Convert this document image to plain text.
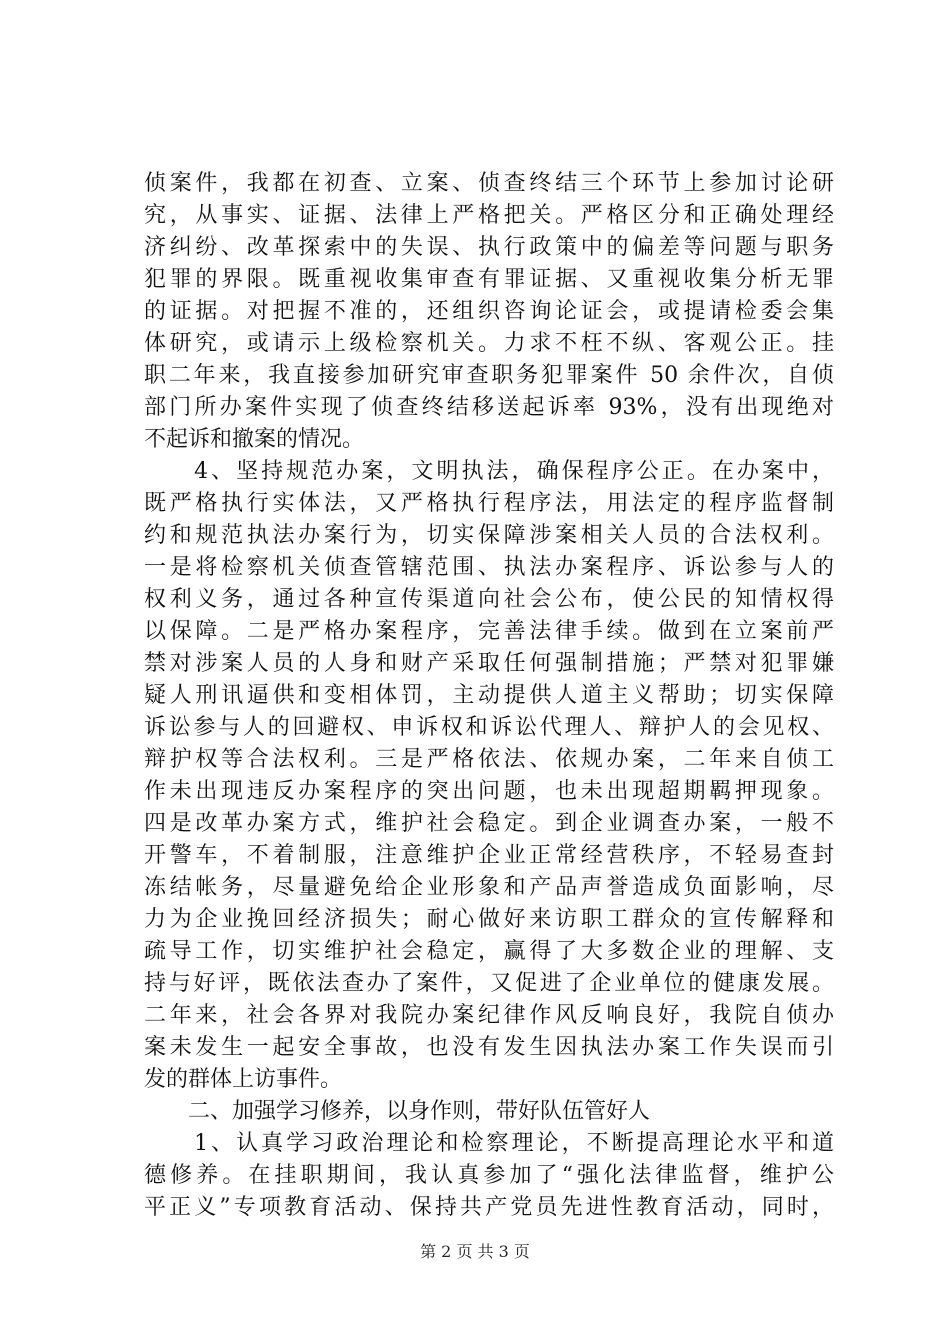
侦案件，我都在初查、立案、侦查终结三个环节上参加讨论研
究，从事实、证据、法律上严格把关。严格区分和正确处理经
济纠纷、改革探索中的失误、执行政策中的偏差等问题与职务
犯罪的界限。既重视收集审查有罪证据、又重视收集分析无罪
的证据。对把握不准的，还组织咨询论证会，或提请检委会集
体研究，或请示上级检察机关。力求不枉不纵、客观公正。挂
职二年来，我直接参加研究审查职务犯罪案件 50 余件次，自侦
部门所办案件实现了侦查终结移送起诉率 93%，没有出现绝对
不起诉和撤案的情况。
　　4、坚持规范办案，文明执法，确保程序公正。在办案中，
既严格执行实体法，又严格执行程序法，用法定的程序监督制
约和规范执法办案行为，切实保障涉案相关人员的合法权利。
一是将检察机关侦查管辖范围、执法办案程序、诉讼参与人的
权利义务，通过各种宣传渠道向社会公布，使公民的知情权得
以保障。二是严格办案程序，完善法律手续。做到在立案前严
禁对涉案人员的人身和财产采取任何强制措施；严禁对犯罪嫌
疑人刑讯逼供和变相体罚，主动提供人道主义帮助；切实保障
诉讼参与人的回避权、申诉权和诉讼代理人、辩护人的会见权、
辩护权等合法权利。三是严格依法、依规办案，二年来自侦工
作未出现违反办案程序的突出问题，也未出现超期羁押现象。
四是改革办案方式，维护社会稳定。到企业调查办案，一般不
开警车，不着制服，注意维护企业正常经营秩序，不轻易查封
冻结帐务，尽量避免给企业形象和产品声誉造成负面影响，尽
力为企业挽回经济损失；耐心做好来访职工群众的宣传解释和
疏导工作，切实维护社会稳定，赢得了大多数企业的理解、支
持与好评，既依法查办了案件，又促进了企业单位的健康发展。
二年来，社会各界对我院办案纪律作风反响良好，我院自侦办
案未发生一起安全事故，也没有发生因执法办案工作失误而引
发的群体上访事件。
　　二、加强学习修养，以身作则，带好队伍管好人
　　1、认真学习政治理论和检察理论，不断提高理论水平和道
德修养。在挂职期间，我认真参加了“强化法律监督，维护公
平正义”专项教育活动、保持共产党员先进性教育活动，同时，
第 2 页 共 3 页
